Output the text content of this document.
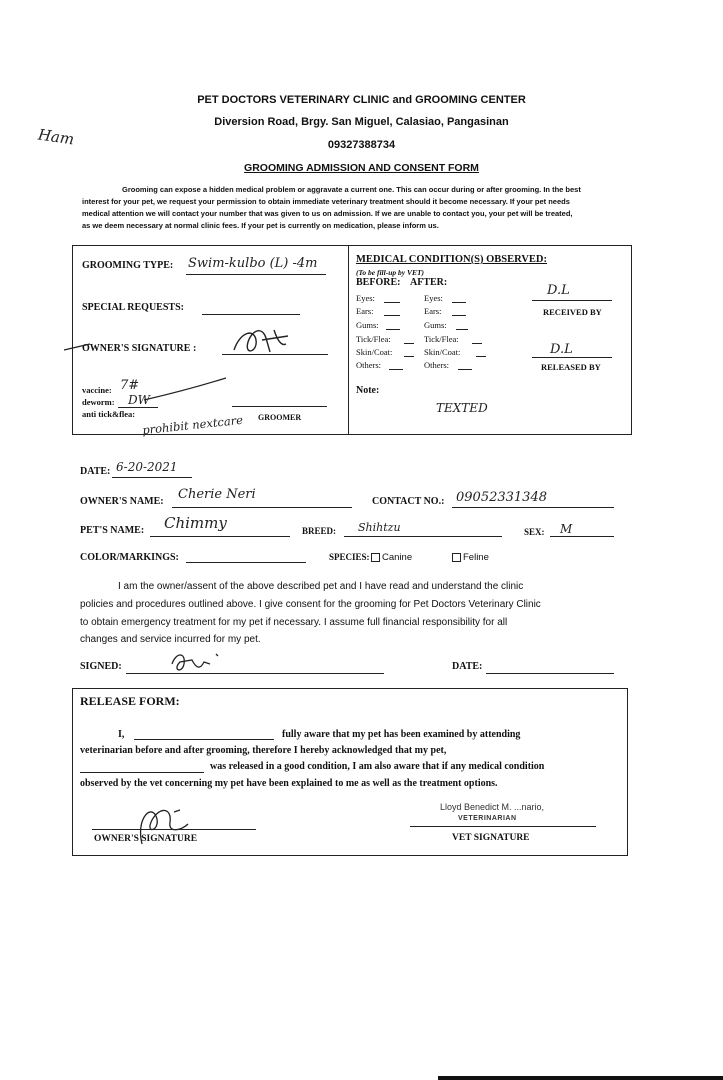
Ham
PET DOCTORS VETERINARY CLINIC and GROOMING CENTER
Diversion Road, Brgy. San Miguel, Calasiao, Pangasinan
09327388734
GROOMING ADMISSION AND CONSENT FORM
Grooming can expose a hidden medical problem or aggravate a current one. This can occur during or after grooming. In the best
interest for your pet, we request your permission to obtain immediate veterinary treatment should it become necessary. If your pet needs
medical attention we will contact your number that was given to us on admission. If we are unable to contact you, your pet will be treated,
as we deem necessary at normal clinic fees. If your pet is currently on medication, please inform us.
GROOMING TYPE: Swim-kulbo (L) -4m
SPECIAL REQUESTS:
OWNER'S SIGNATURE :
vaccine: 7#
deworm: DW
anti tick&flea: prohibit nextcare GROOMER
MEDICAL CONDITION(S) OBSERVED:
(To be fill-up by VET)
BEFORE: AFTER:
Eyes:	Eyes:
Ears:	Ears:
Gums:	Gums:
Tick/Flea:	Tick/Flea:
Skin/Coat:	Skin/Coat:
Others:	Others:
D.L
RECEIVED BY
D.L
RELEASED BY
Note:
TEXTED
DATE: 6-20-2021
OWNER'S NAME: Cherie Neri	CONTACT NO.: 09052331348
PET'S NAME: Chimmy	BREED: Shihtzu	SEX: M
COLOR/MARKINGS:	SPECIES: Canine	Feline
I am the owner/assent of the above described pet and I have read and understand the clinic
policies and procedures outlined above. I give consent for the grooming for Pet Doctors Veterinary Clinic
to obtain emergency treatment for my pet if necessary. I assume full financial responsibility for all
changes and service incurred for my pet.
SIGNED:	DATE:
RELEASE FORM:
I,	fully aware that my pet has been examined by attending
veterinarian before and after grooming, therefore I hereby acknowledged that my pet,
was released in a good condition, I am also aware that if any medical condition
observed by the vet concerning my pet have been explained to me as well as the treatment options.
OWNER'S SIGNATURE
Lloyd Benedict M. ...nario,
VETERINARIAN
VET SIGNATURE
